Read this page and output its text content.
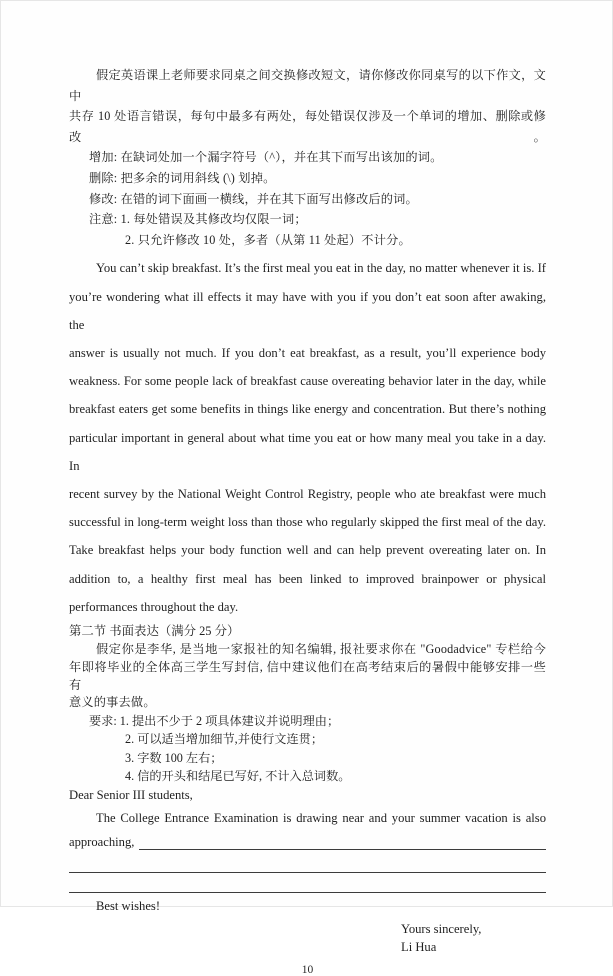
假定英语课上老师要求同桌之间交换修改短文，请你修改你同桌写的以下作文，文中
共存 10 处语言错误，每句中最多有两处，每处错误仅涉及一个单词的增加、删除或修改。
增加: 在缺词处加一个漏字符号（^），并在其下而写出该加的词。
删除: 把多余的词用斜线 (\) 划掉。
修改: 在错的词下面画一横线，并在其下面写出修改后的词。
注意: 1. 每处错误及其修改均仅限一词；
2. 只允许修改 10 处，多者（从第 11 处起）不计分。
You can’t skip breakfast. It’s the first meal you eat in the day, no matter whenever it is. If
you’re wondering what ill effects it may have with you if you don’t eat soon after awaking, the
answer is usually not much. If you don’t eat breakfast, as a result, you’ll experience body
weakness. For some people lack of breakfast cause overeating behavior later in the day, while
breakfast eaters get some benefits in things like energy and concentration. But there’s nothing
particular important in general about what time you eat or how many meal you take in a day. In
recent survey by the National Weight Control Registry, people who ate breakfast were much
successful in long-term weight loss than those who regularly skipped the first meal of the day.
Take breakfast helps your body function well and can help prevent overeating later on. In
addition to, a healthy first meal has been linked to improved brainpower or physical
performances throughout the day.
第二节 书面表达（满分 25 分）
假定你是李华, 是当地一家报社的知名编辑, 报社要求你在 "Goodadvice" 专栏给今
年即将毕业的全体高三学生写封信, 信中建议他们在高考结束后的暑假中能够安排一些有
意义的事去做。
要求: 1. 提出不少于 2 项具体建议并说明理由；
2. 可以适当增加细节,并使行文连贯；
3. 字数 100 左右；
4. 信的开头和结尾已写好, 不计入总词数。
Dear Senior III students,
The College Entrance Examination is drawing near and your summer vacation is also
approaching,
Best wishes!
Yours sincerely,
Li Hua
10
